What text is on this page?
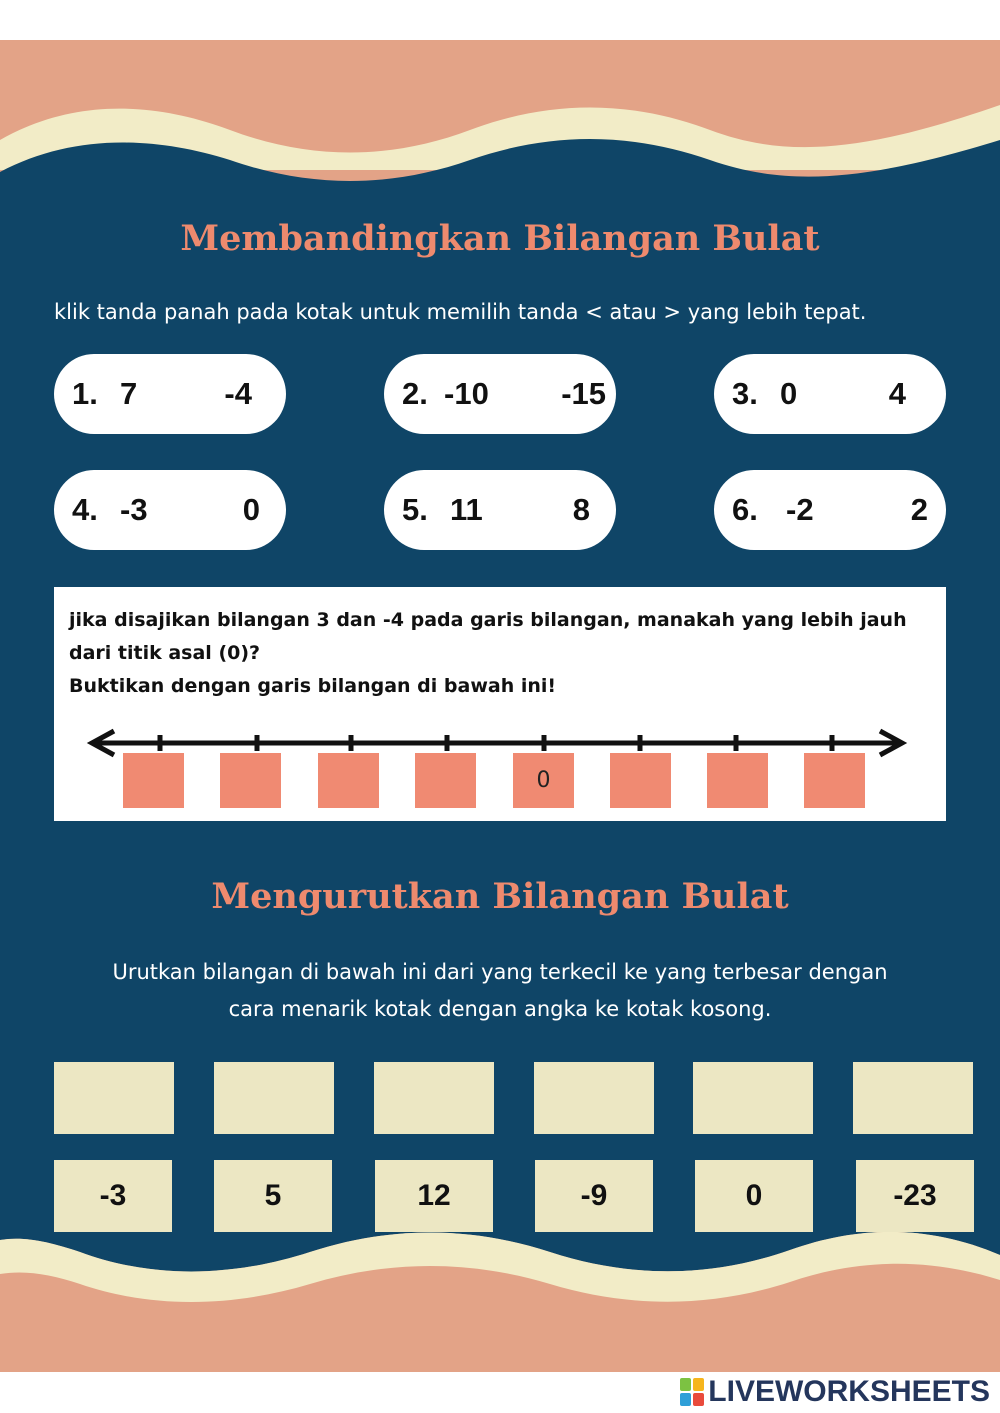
Membandingkan Bilangan Bulat

klik tanda panah pada kotak untuk memilih tanda < atau > yang lebih tepat.

1. 7	-4	2. -10 -15	3. 0	4
4. -3	0	5. 11	8	6. -2	2

jika disajikan bilangan 3 dan -4 pada garis bilangan, manakah yang lebih jauh

dari titik asal (0)?

Buktikan dengan garis bilangan di bawah ini!

0
Mengurutkan Bilangan Bulat

Urutkan bilangan di bawah ini dari yang terkecil ke yang terbesar dengan

cara menarik kotak dengan angka ke kotak kosong.

-3	5	12	-9	0	-23
LIVEWORKSHEETS
